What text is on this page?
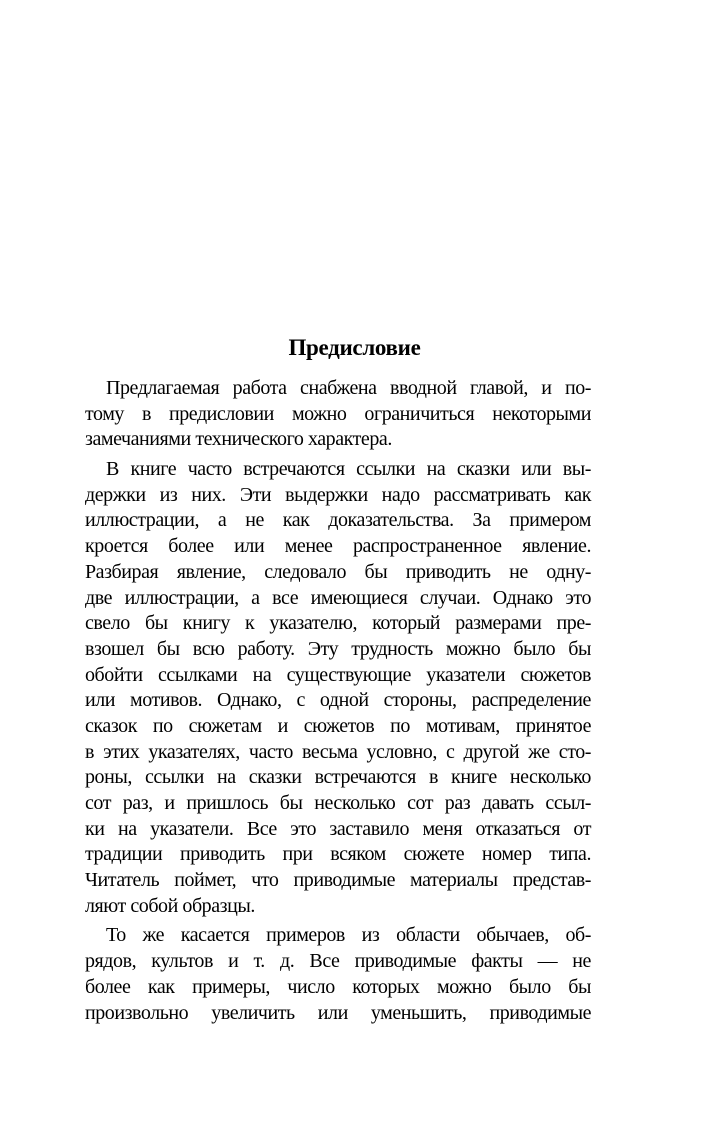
Предисловие
Предлагаемая работа снабжена вводной главой, и по-
тому в предисловии можно ограничиться некоторыми
замечаниями технического характера.
В книге часто встречаются ссылки на сказки или вы-
держки из них. Эти выдержки надо рассматривать как
иллюстрации, а не как доказательства. За примером
кроется более или менее распространенное явление.
Разбирая явление, следовало бы приводить не одну-
две иллюстрации, а все имеющиеся случаи. Однако это
свело бы книгу к указателю, который размерами пре-
взошел бы всю работу. Эту трудность можно было бы
обойти ссылками на существующие указатели сюжетов
или мотивов. Однако, с одной стороны, распределение
сказок по сюжетам и сюжетов по мотивам, принятое
в этих указателях, часто весьма условно, с другой же сто-
роны, ссылки на сказки встречаются в книге несколько
сот раз, и пришлось бы несколько сот раз давать ссыл-
ки на указатели. Все это заставило меня отказаться от
традиции приводить при всяком сюжете номер типа.
Читатель поймет, что приводимые материалы представ-
ляют собой образцы.
То же касается примеров из области обычаев, об-
рядов, культов и т. д. Все приводимые факты — не
более как примеры, число которых можно было бы
произвольно увеличить или уменьшить, приводимые
